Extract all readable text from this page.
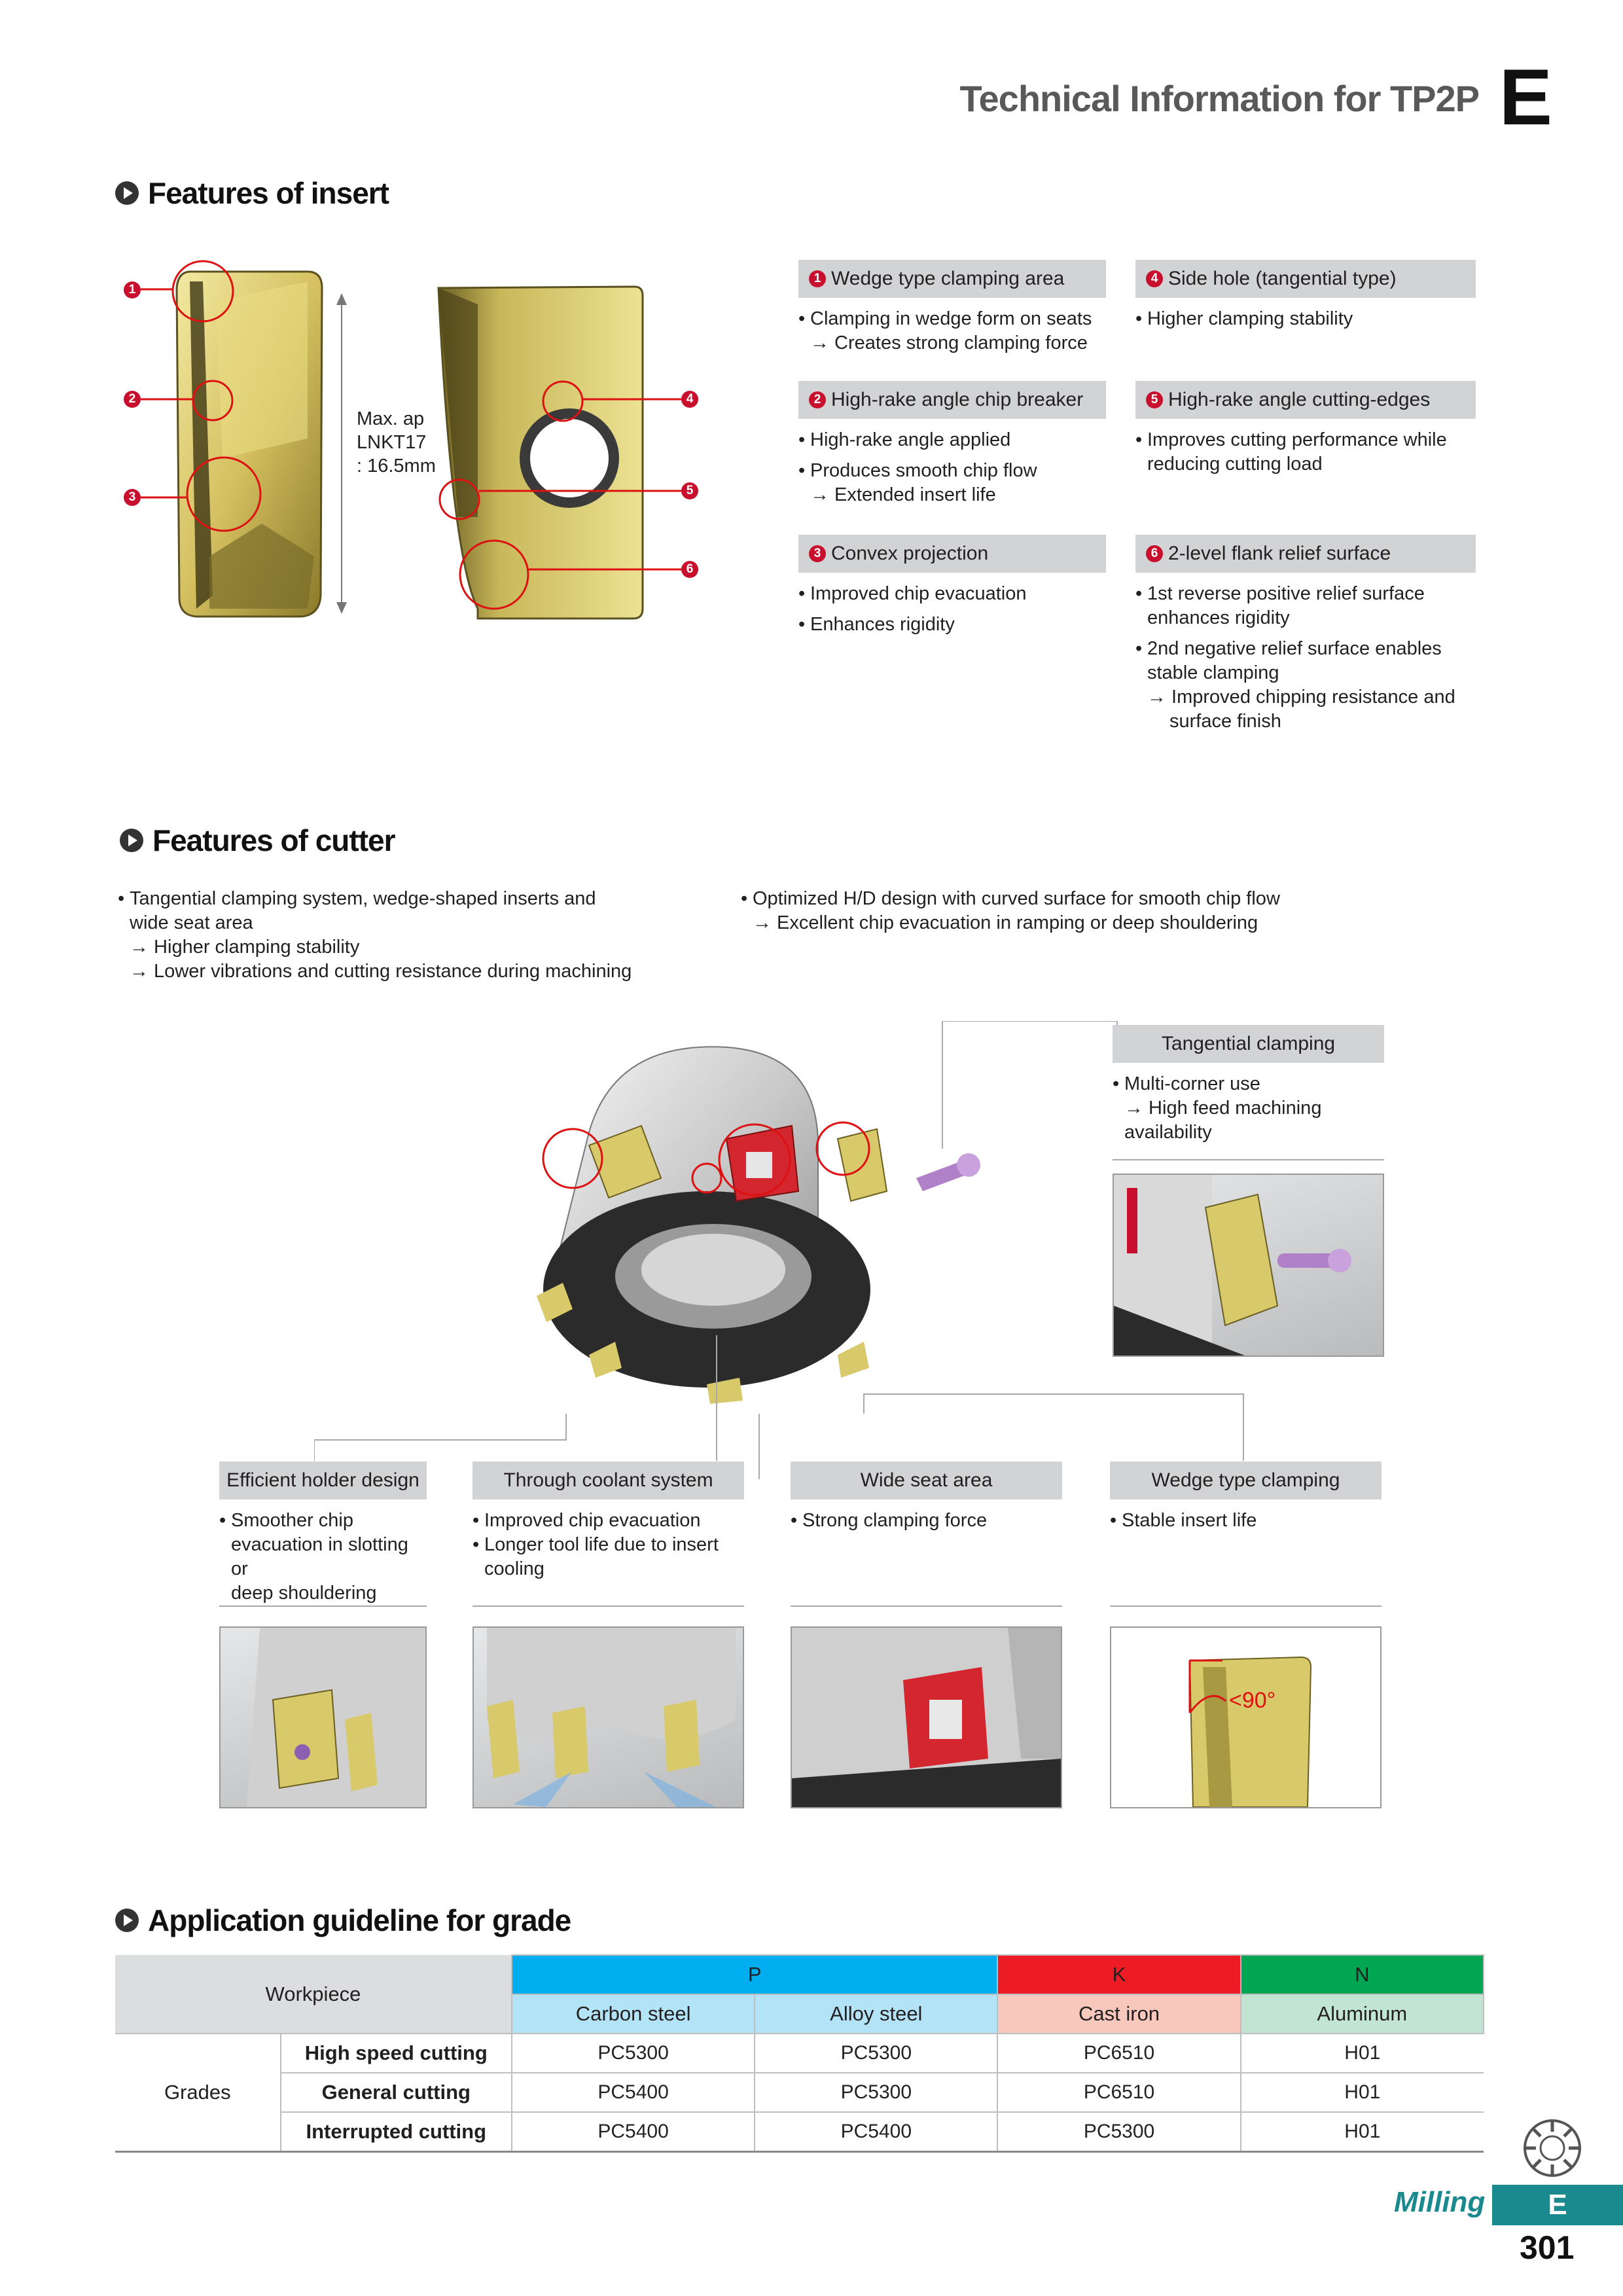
Technical Information for TP2P E
Features of insert
1
2
3
4
5
6
Max. ap
LNKT17
: 16.5mm
1 Wedge type clamping area
• Clamping in wedge form on seats
→ Creates strong clamping force
4 Side hole (tangential type)
• Higher clamping stability
2 High-rake angle chip breaker
• High-rake angle applied
• Produces smooth chip flow
→ Extended insert life
5 High-rake angle cutting-edges
• Improves cutting performance while
reducing cutting load
3 Convex projection
• Improved chip evacuation
• Enhances rigidity
6 2-level flank relief surface
• 1st reverse positive relief surface
enhances rigidity
• 2nd negative relief surface enables
stable clamping
→ Improved chipping resistance and
surface finish
Features of cutter
• Tangential clamping system, wedge-shaped inserts and
wide seat area
→ Higher clamping stability
→ Lower vibrations and cutting resistance during machining
• Optimized H/D design with curved surface for smooth chip flow
→ Excellent chip evacuation in ramping or deep shouldering
Tangential clamping
• Multi-corner use
→ High feed machining availability
Efficient holder design
• Smoother chip
evacuation in slotting or
deep shouldering
Through coolant system
• Improved chip evacuation
• Longer tool life due to insert
cooling
Wide seat area
• Strong clamping force
Wedge type clamping
• Stable insert life
<90°
Application guideline for grade
Workpiece		P		K	N
		Carbon steel	Alloy steel	Cast iron	Aluminum
Grades	High speed cutting	PC5300	PC5300	PC6510	H01
	General cutting	PC5400	PC5300	PC6510	H01
	Interrupted cutting	PC5400	PC5400	PC5300	H01
Milling	E
301
